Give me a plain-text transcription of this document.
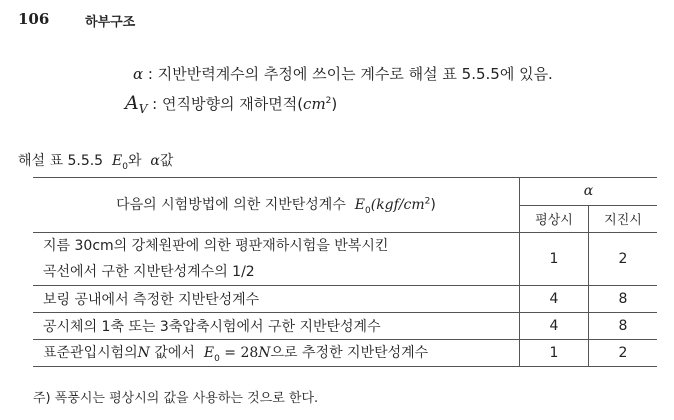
106	하부구조
α : 지반반력계수의 추정에 쓰이는 계수로 해설 표 5.5.5에 있음.
$A_V$ : 연직방향의 재하면적$(cm^2)$
해설 표 5.5.5 $E_0$와 α값
다음의 시험방법에 의한 지반탄성계수 $E_0(kgf/cm^2)$	α	
	평상시	지진시

지름 30cm의 강체원판에 의한 평판재하시험을 반복시킨
곡선에서 구한 지반탄성계수의 1/2	1	2
보링 공내에서 측정한 지반탄성계수	4	8
공시체의 1축 또는 3축압축시험에서 구한 지반탄성계수	4	8
표준관입시험의N 값에서 $E_0 = 28N$으로 추정한 지반탄성계수	1	2
주) 폭풍시는 평상시의 값을 사용하는 것으로 한다.
